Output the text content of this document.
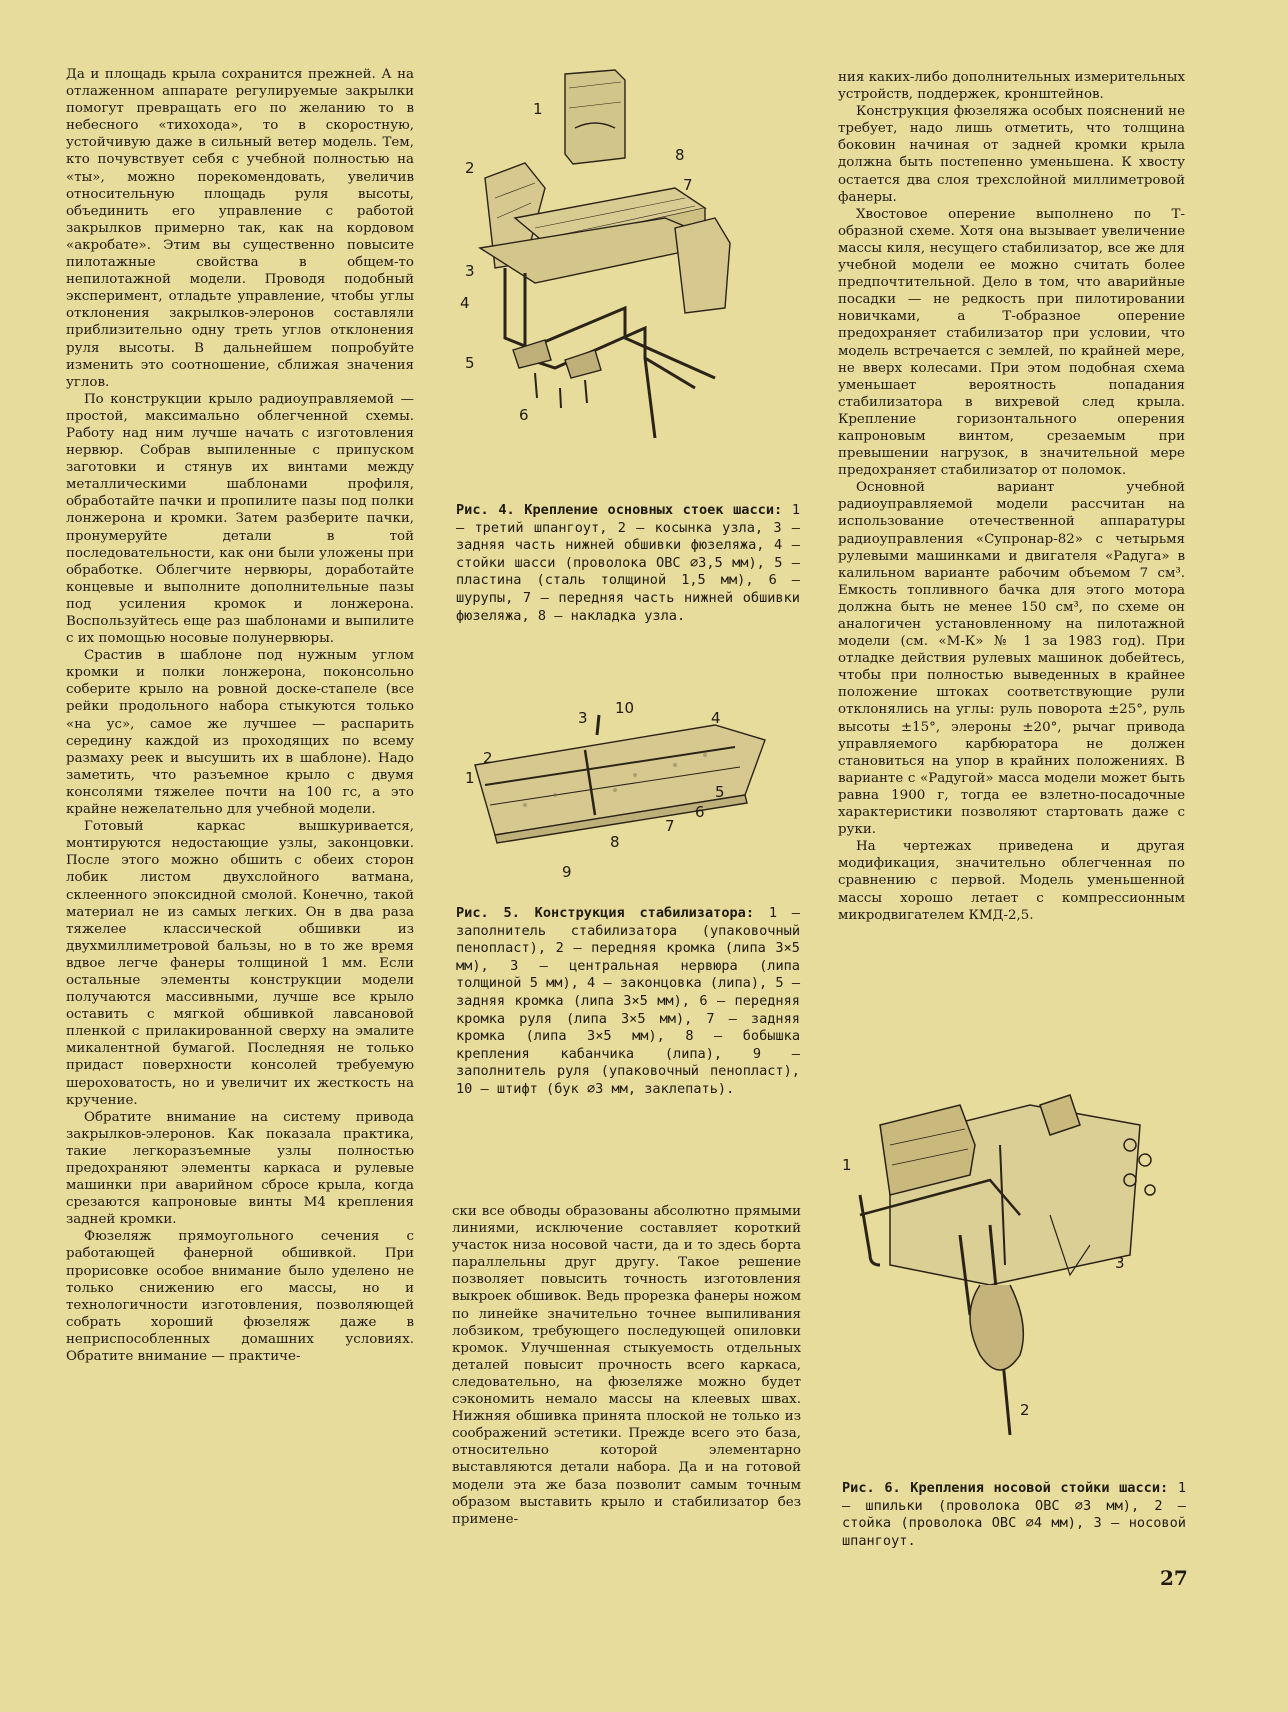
Да и площадь крыла сохранится прежней. А на отлаженном аппарате регулируемые закрылки помогут превращать его по желанию то в небесного «тихохода», то в скоростную, устойчивую даже в сильный ветер модель. Тем, кто почувствует себя с учебной полностью на «ты», можно порекомендовать, увеличив относительную площадь руля высоты, объединить его управление с работой закрылков примерно так, как на кордовом «акробате». Этим вы существенно повысите пилотажные свойства в общем-то непилотажной модели. Проводя подобный эксперимент, отладьте управление, чтобы углы отклонения закрылков-элеронов составляли приблизительно одну треть углов отклонения руля высоты. В дальнейшем попробуйте изменить это соотношение, сближая значения углов.

По конструкции крыло радиоуправляемой — простой, максимально облегченной схемы. Работу над ним лучше начать с изготовления нервюр. Собрав выпиленные с припуском заготовки и стянув их винтами между металлическими шаблонами профиля, обработайте пачки и пропилите пазы под полки лонжерона и кромки. Затем разберите пачки, пронумеруйте детали в той последовательности, как они были уложены при обработке. Облегчите нервюры, доработайте концевые и выполните дополнительные пазы под усиления кромок и лонжерона. Воспользуйтесь еще раз шаблонами и выпилите с их помощью носовые полунервюры.

Срастив в шаблоне под нужным углом кромки и полки лонжерона, поконсольно соберите крыло на ровной доске-стапеле (все рейки продольного набора стыкуются только «на ус», самое же лучшее — распарить середину каждой из проходящих по всему размаху реек и высушить их в шаблоне). Надо заметить, что разъемное крыло с двумя консолями тяжелее почти на 100 гс, а это крайне нежелательно для учебной модели.

Готовый каркас вышкуривается, монтируются недостающие узлы, законцовки. После этого можно обшить с обеих сторон лобик листом двухслойного ватмана, склеенного эпоксидной смолой. Конечно, такой материал не из самых легких. Он в два раза тяжелее классической обшивки из двухмиллиметровой бальзы, но в то же время вдвое легче фанеры толщиной 1 мм. Если остальные элементы конструкции модели получаются массивными, лучше все крыло оставить с мягкой обшивкой лавсановой пленкой с прилакированной сверху на эмалите микалентной бумагой. Последняя не только придаст поверхности консолей требуемую шероховатость, но и увеличит их жесткость на кручение.

Обратите внимание на систему привода закрылков-элеронов. Как показала практика, такие легкоразъемные узлы полностью предохраняют элементы каркаса и рулевые машинки при аварийном сбросе крыла, когда срезаются капроновые винты М4 крепления задней кромки.

Фюзеляж прямоугольного сечения с работающей фанерной обшивкой. При прорисовке особое внимание было уделено не только снижению его массы, но и технологичности изготовления, позволяющей собрать хороший фюзеляж даже в неприспособленных домашних условиях. Обратите внимание — практиче-

ски все обводы образованы абсолютно прямыми линиями, исключение составляет короткий участок низа носовой части, да и то здесь борта параллельны друг другу. Такое решение позволяет повысить точность изготовления выкроек обшивок. Ведь прорезка фанеры ножом по линейке значительно точнее выпиливания лобзиком, требующего последующей опиловки кромок. Улучшенная стыкуемость отдельных деталей повысит прочность всего каркаса, следовательно, на фюзеляже можно будет сэкономить немало массы на клеевых швах. Нижняя обшивка принята плоской не только из соображений эстетики. Прежде всего это база, относительно которой элементарно выставляются детали набора. Да и на готовой модели эта же база позволит самым точным образом выставить крыло и стабилизатор без примене-

ния каких-либо дополнительных измерительных устройств, поддержек, кронштейнов.

Конструкция фюзеляжа особых пояснений не требует, надо лишь отметить, что толщина боковин начиная от задней кромки крыла должна быть постепенно уменьшена. К хвосту остается два слоя трехслойной миллиметровой фанеры.

Хвостовое оперение выполнено по Т-образной схеме. Хотя она вызывает увеличение массы киля, несущего стабилизатор, все же для учебной модели ее можно считать более предпочтительной. Дело в том, что аварийные посадки — не редкость при пилотировании новичками, а Т-образное оперение предохраняет стабилизатор при условии, что модель встречается с землей, по крайней мере, не вверх колесами. При этом подобная схема уменьшает вероятность попадания стабилизатора в вихревой след крыла. Крепление горизонтального оперения капроновым винтом, срезаемым при превышении нагрузок, в значительной мере предохраняет стабилизатор от поломок.

Основной вариант учебной радиоуправляемой модели рассчитан на использование отечественной аппаратуры радиоуправления «Супронар-82» с четырьмя рулевыми машинками и двигателя «Радуга» в калильном варианте рабочим объемом 7 см³. Емкость топливного бачка для этого мотора должна быть не менее 150 см³, по схеме он аналогичен установленному на пилотажной модели (см. «М-К» № 1 за 1983 год). При отладке действия рулевых машинок добейтесь, чтобы при полностью выведенных в крайнее положение штоках соответствующие рули отклонялись на углы: руль поворота ±25°, руль высоты ±15°, элероны ±20°, рычаг привода управляемого карбюратора не должен становиться на упор в крайних положениях. В варианте с «Радугой» масса модели может быть равна 1900 г, тогда ее взлетно-посадочные характеристики позволяют стартовать даже с руки.

На чертежах приведена и другая модификация, значительно облегченная по сравнению с первой. Модель уменьшенной массы хорошо летает с компрессионным микродвигателем КМД-2,5.

1
2
3
4
5
6
7
8
Рис. 4. Крепление основных стоек шасси: 1 — третий шпангоут, 2 — косынка узла, 3 — задняя часть нижней обшивки фюзеляжа, 4 — стойки шасси (проволока ОВС ∅3,5 мм), 5 — пластина (сталь толщиной 1,5 мм), 6 — шурупы, 7 — передняя часть нижней обшивки фюзеляжа, 8 — накладка узла.
1
2
3	4
5
6
7
8
9
10
Рис. 5. Конструкция стабилизатора: 1 — заполнитель стабилизатора (упаковочный пенопласт), 2 — передняя кромка (липа 3×5 мм), 3 — центральная нервюра (липа толщиной 5 мм), 4 — законцовка (липа), 5 — задняя кромка (липа 3×5 мм), 6 — передняя кромка руля (липа 3×5 мм), 7 — задняя кромка (липа 3×5 мм), 8 — бобышка крепления кабанчика (липа), 9 — заполнитель руля (упаковочный пенопласт), 10 — штифт (бук ∅3 мм, заклепать).
1
2
3
Рис. 6. Крепления носовой стойки шасси: 1 — шпильки (проволока ОВС ∅3 мм), 2 — стойка (проволока ОВС ∅4 мм), 3 — носовой шпангоут.
27
